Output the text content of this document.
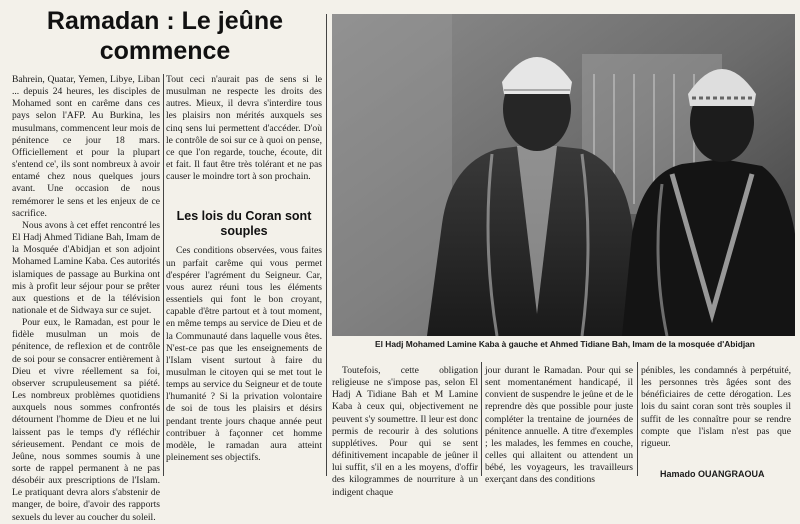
Ramadan : Le jeûne commence

Bahrein, Quatar, Yemen, Libye, Liban ... depuis 24 heures, les disciples de Mohamed sont en carême dans ces pays selon l'AFP. Au Burkina, les musulmans, commencent leur mois de pénitence ce jour 18 mars. Officiellement et pour la plupart s'entend ce', ils sont nombreux à avoir entamé chez nous quelques jours avant. Une occasion de nous remémorer le sens et les enjeux de ce sacrifice.

Nous avons à cet effet rencontré les El Hadj Ahmed Tidiane Bah, Imam de la Mosquée d'Abidjan et son adjoint Mohamed Lamine Kaba. Ces autorités islamiques de passage au Burkina ont mis à profit leur séjour pour se prêter aux questions et de la télévision nationale et de Sidwaya sur ce sujet.

Pour eux, le Ramadan, est pour le fidèle musulman un mois de pénitence, de reflexion et de contrôle de soi pour se consacrer entièrement à Dieu et vivre réellement sa foi, observer scrupuleusement sa piété. Les nombreux problèmes quotidiens auxquels nous sommes confrontés détournent l'homme de Dieu et ne lui laissent pas le temps d'y réfléchir sérieusement. Pendant ce mois de Jeûne, nous sommes soumis à une sorte de rappel permanent à ne pas désobéir aux prescriptions de l'Islam. Le pratiquant devra alors s'abstenir de manger, de boire, d'avoir des rapports sexuels du lever au coucher du soleil.

Tout ceci n'aurait pas de sens si le musulman ne respecte les droits des autres. Mieux, il devra s'interdire tous les plaisirs non mérités auxquels ses cinq sens lui permettent d'accéder. D'où le contrôle de soi sur ce à quoi on pense, ce que l'on regarde, touche, écoute, dit et fait. Il faut être très tolérant et ne pas causer le moindre tort à son prochain.

Les lois du Coran sont souples

Ces conditions observées, vous faites un parfait carême qui vous permet d'espérer l'agrément du Seigneur. Car, vous aurez réuni tous les éléments essentiels qui font le bon croyant, capable d'être partout et à tout moment, en même temps au service de Dieu et de la Communauté dans laquelle vous êtes. N'est-ce pas que les enseignements de l'Islam visent surtout à faire du musulman le citoyen qui se met tout le temps au service du Seigneur et de toute l'humanité ? Si la privation volontaire de soi de tous les plaisirs et désirs pendant trente jours chaque année peut contribuer à façonner cet homme modèle, le ramadan aura atteint pleinement ses objectifs.

El Hadj Mohamed Lamine Kaba à gauche et Ahmed Tidiane Bah, Imam de la mosquée d'Abidjan

Toutefois, cette obligation religieuse ne s'impose pas, selon El Hadj A Tidiane Bah et M Lamine Kaba à ceux qui, objectivement ne peuvent s'y soumettre. Il leur est donc permis de recourir à des solutions supplétives. Pour qui se sent définitivement incapable de jeûner il lui suffit, s'il en a les moyens, d'offir des kilogrammes de nourriture à un indigent chaque

jour durant le Ramadan. Pour qui se sent momentanément handicapé, il convient de suspendre le jeûne et de le reprendre dès que possible pour juste compléter la trentaine de journées de pénitence annuelle. A titre d'exemples ; les malades, les femmes en couche, celles qui allaitent ou attendent un bébé, les voyageurs, les travailleurs exerçant dans des conditions

pénibles, les condamnés à perpétuité, les personnes très âgées sont des bénéficiaires de cette dérogation. Les lois du saint coran sont très souples il suffit de les connaître pour se rendre compte que l'islam n'est pas que rigueur.

Hamado OUANGRAOUA
